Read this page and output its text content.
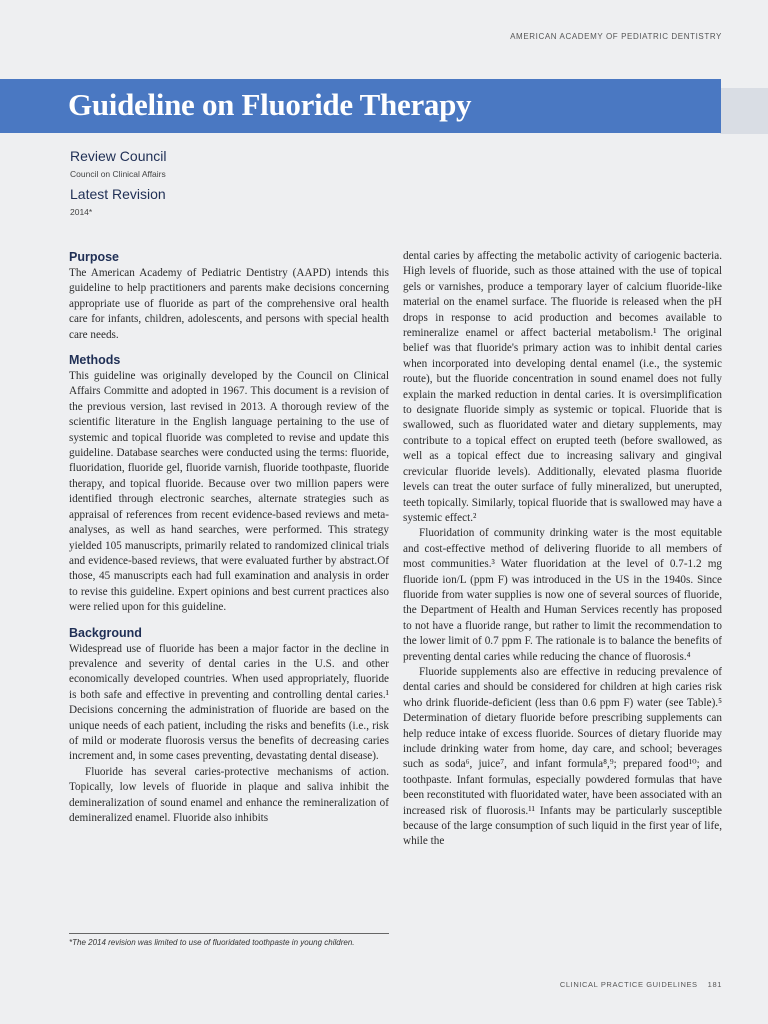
AMERICAN ACADEMY OF PEDIATRIC DENTISTRY
Guideline on Fluoride Therapy
Review Council
Council on Clinical Affairs
Latest Revision
2014*
Purpose

The American Academy of Pediatric Dentistry (AAPD) intends this guideline to help practitioners and parents make decisions concerning appropriate use of fluoride as part of the comprehensive oral health care for infants, children, adolescents, and persons with special health care needs.

Methods

This guideline was originally developed by the Council on Clinical Affairs Committe and adopted in 1967. This document is a revision of the previous version, last revised in 2013. A thorough review of the scientific literature in the English language pertaining to the use of systemic and topical fluoride was completed to revise and update this guideline. Database searches were conducted using the terms: fluoride, fluoridation, fluoride gel, fluoride varnish, fluoride toothpaste, fluoride therapy, and topical fluoride. Because over two million papers were identified through electronic searches, alternate strategies such as appraisal of references from recent evidence-based reviews and meta-analyses, as well as hand searches, were performed. This strategy yielded 105 manuscripts, primarily related to randomized clinical trials and evidence-based reviews, that were evaluated further by abstract.Of those, 45 manuscripts each had full examination and analysis in order to revise this guideline. Expert opinions and best current practices also were relied upon for this guideline.

Background

Widespread use of fluoride has been a major factor in the decline in prevalence and severity of dental caries in the U.S. and other economically developed countries. When used appropriately, fluoride is both safe and effective in preventing and controlling dental caries.¹ Decisions concerning the administration of fluoride are based on the unique needs of each patient, including the risks and benefits (i.e., risk of mild or moderate fluorosis versus the benefits of decreasing caries increment and, in some cases preventing, devastating dental disease).

Fluoride has several caries-protective mechanisms of action. Topically, low levels of fluoride in plaque and saliva inhibit the demineralization of sound enamel and enhance the remineralization of demineralized enamel. Fluoride also inhibits

dental caries by affecting the metabolic activity of cariogenic bacteria. High levels of fluoride, such as those attained with the use of topical gels or varnishes, produce a temporary layer of calcium fluoride-like material on the enamel surface. The fluoride is released when the pH drops in response to acid production and becomes available to remineralize enamel or affect bacterial metabolism.¹ The original belief was that fluoride's primary action was to inhibit dental caries when incorporated into developing dental enamel (i.e., the systemic route), but the fluoride concentration in sound enamel does not fully explain the marked reduction in dental caries. It is oversimplification to designate fluoride simply as systemic or topical. Fluoride that is swallowed, such as fluoridated water and dietary supplements, may contribute to a topical effect on erupted teeth (before swallowed, as well as a topical effect due to increasing salivary and gingival crevicular fluoride levels). Additionally, elevated plasma fluoride levels can treat the outer surface of fully mineralized, but unerupted, teeth topically. Similarly, topical fluoride that is swallowed may have a systemic effect.²

Fluoridation of community drinking water is the most equitable and cost-effective method of delivering fluoride to all members of most communities.³ Water fluoridation at the level of 0.7-1.2 mg fluoride ion/L (ppm F) was introduced in the US in the 1940s. Since fluoride from water supplies is now one of several sources of fluoride, the Department of Health and Human Services recently has proposed to not have a fluoride range, but rather to limit the recommendation to the lower limit of 0.7 ppm F. The rationale is to balance the benefits of preventing dental caries while reducing the chance of fluorosis.⁴

Fluoride supplements also are effective in reducing prevalence of dental caries and should be considered for children at high caries risk who drink fluoride-deficient (less than 0.6 ppm F) water (see Table).⁵ Determination of dietary fluoride before prescribing supplements can help reduce intake of excess fluoride. Sources of dietary fluoride may include drinking water from home, day care, and school; beverages such as soda⁶, juice⁷, and infant formula⁸,⁹; prepared food¹⁰; and toothpaste. Infant formulas, especially powdered formulas that have been reconstituted with fluoridated water, have been associated with an increased risk of fluorosis.¹¹ Infants may be particularly susceptible because of the large consumption of such liquid in the first year of life, while the

*The 2014 revision was limited to use of fluoridated toothpaste in young children.
CLINICAL PRACTICE GUIDELINES 181
